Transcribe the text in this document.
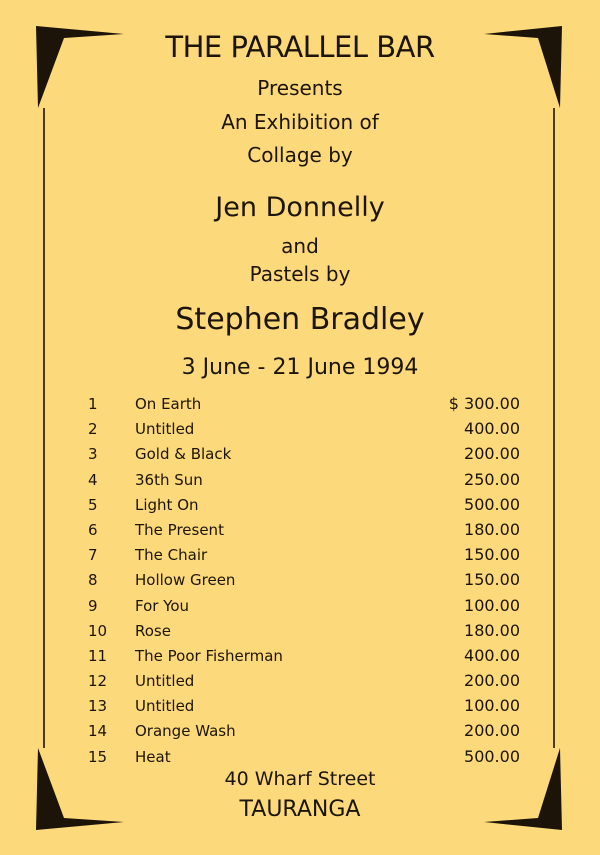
THE PARALLEL BAR
Presents
An Exhibition of
Collage by
Jen Donnelly
and
Pastels by
Stephen Bradley
3 June - 21 June 1994
1 On Earth	$ 300.00
2 Untitled	400.00
3 Gold & Black	200.00
4 36th Sun	250.00
5 Light On	500.00
6 The Present	180.00
7 The Chair	150.00
8 Hollow Green	150.00
9 For You	100.00
10 Rose	180.00
11 The Poor Fisherman	400.00
12 Untitled	200.00
13 Untitled	100.00
14 Orange Wash	200.00
15 Heat	500.00
40 Wharf Street
TAURANGA
